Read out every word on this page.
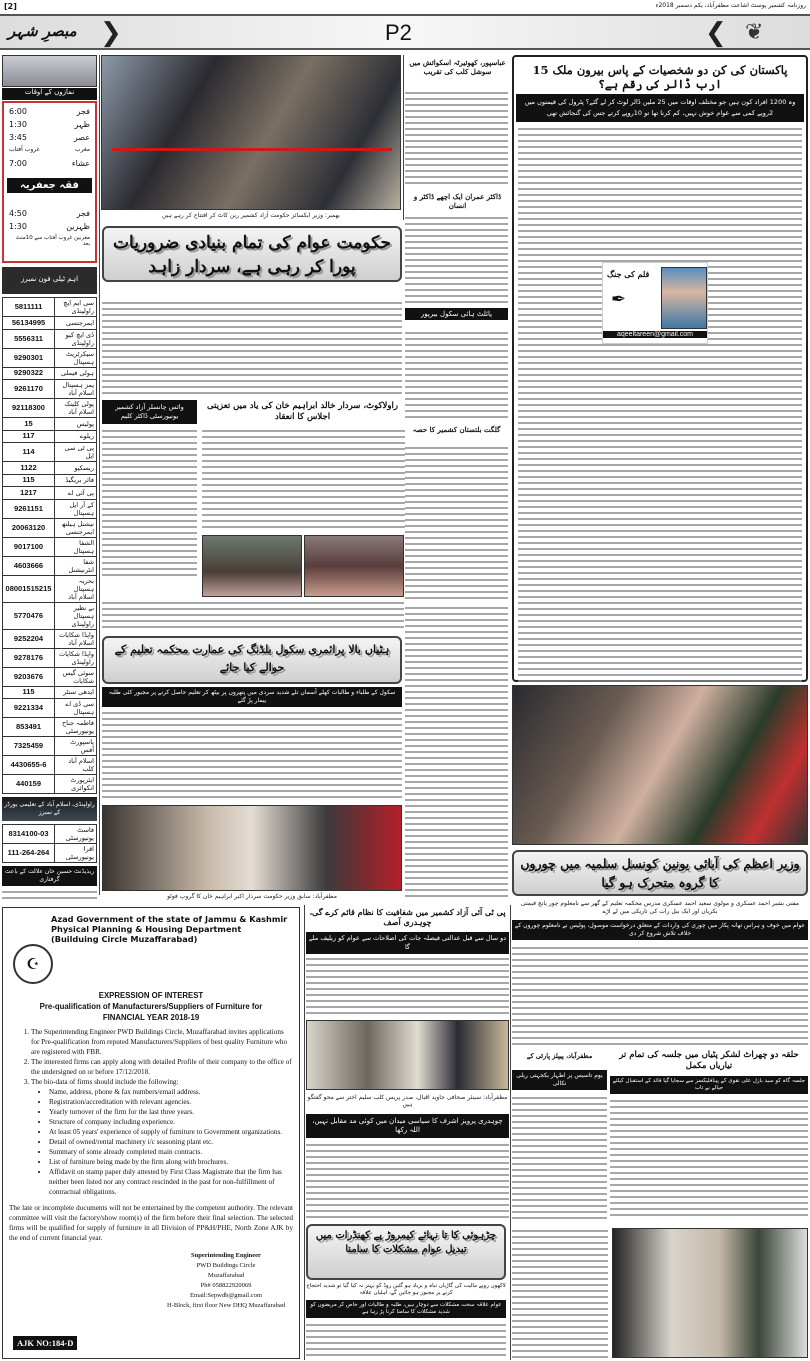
[2]	روزنامہ کشمیر پوسٹ اشاعت مظفرآباد، یکم دسمبر 2018ء
مبصرِ شہر ❯	P2	❮ ❦
نمازوں کے اوقات
6:00	فجر
1:30	ظہر
3:45	عصر
غروب آفتاب	مغرب
7:00	عشاء
فقہ جعفریہ
4:50	فجر
1:30	ظہرین
مغربین غروب آفتاب سے 10منٹ بعد
اہم ٹیلی فون نمبرز
5811111	سی ایم ایچ راولپنڈی
56134995	ایمرجنسی
5556311	ڈی ایچ کیو راولپنڈی
9290301	سیکرٹریٹ ہسپتال
9290322	ہولی فیملی
9261170	پمز ہسپتال اسلام آباد
92118300	پولی کلینک اسلام آباد
15	پولیس
117	ریلوے
114	پی ٹی سی ایل
1122	ریسکیو
115	فائر بریگیڈ
1217	پی آئی اے
9261151	کے آر ایل ہسپتال
20063120	نیشنل ہیلتھ ایمرجنسی
9017100	الشفا ہسپتال
4603666	شفا انٹرنیشنل
08001515215	بحریہ ہسپتال اسلام آباد
5770476	بے نظیر ہسپتال راولپنڈی
9252204	واپڈا شکایات اسلام آباد
9278176	واپڈا شکایات راولپنڈی
9203676	سوئی گیس شکایات
115	ایدھی سنٹر
9221334	سی ڈی اے ہسپتال
853491	فاطمہ جناح یونیورسٹی
7325459	پاسپورٹ آفس
4430655-6	اسلام آباد کلب
440159	ایئرپورٹ انکوائری
راولپنڈی، اسلام آباد کے تعلیمی بورڈز کے نمبرز
8314100-03	فاسٹ یونیورسٹی
111-264-264	اقرا یونیورسٹی
ریذیڈنٹ حسین خان علالت کے باعث گرفتاری
بھمبر: وزیر ایکسائز حکومت آزاد کشمیر ربن کاٹ کر افتتاح کر رہے ہیں
عباسپور، کھوئیرٹہ اسکوائش میں سوشل کلب کی تقریب
ڈاکٹر عمران ایک اچھے ڈاکٹر و انسان
حکومت عوام کی تمام بنیادی ضروریات پورا کر رہی ہے، سردار زاہد
پائلٹ ہائی سکول بیرپور
وائس چانسلر آزاد کشمیر یونیورسٹی ڈاکٹر کلیم
راولاکوٹ، سردار خالد ابراہیم خان کی یاد میں تعزیتی اجلاس کا انعقاد
گلگت بلتستان کشمیر کا حصہ
ہٹیاں بالا پرائمری سکول بلڈنگ کی عمارت محکمہ تعلیم کے حوالے کیا جائے
سکول کے طلباء و طالبات کھلے آسمان تلے شدید سردی میں پتھروں پر بیٹھ کر تعلیم حاصل کرنے پر مجبور کئی طلبہ بیمار پڑ گئے
مظفرآباد: سابق وزیر حکومت سردار اکبر ابراہیم خان کا گروپ فوٹو
پاکستان کی کن دو شخصیات کے پاس بیرون ملک 15 ارب ڈالر کی رقم ہے؟
وہ 1200 افراد کون ہیں جو مختلف اوقات میں 25 ملین ڈالر لوٹ کر لے گئے؟ پٹرول کی قیمتوں میں 2روپے کمی سے عوام خوش نہیں، کم کرنا تھا تو 10روپے کرتے جس کی گنجائش تھی
قلم کی جنگ
✒
aqeeltareen@gmail.com
وزیر اعظم کی آبائی یونین کونسل سلمیہ میں چوروں کا گروہ متحرک ہو گیا
مفتی بشیر احمد عسکری و مولوی سعید احمد عسکری مدرس محکمہ تعلیم کے گھر سے نامعلوم چور پانچ قیمتی بکریاں اور ایک بیل رات کی تاریکی میں لے اڑے
عوام میں خوف و ہراس تھانہ پکار میں چوری کی واردات کے متعلق درخواست موصول، پولیس نے نامعلوم چوروں کے خلاف تلاش شروع کر دی
پی ٹی آئی آزاد کشمیر میں شفافیت کا نظام قائم کرے گی، چوہدری آصف
دو سال سے قبل عدالتی فیصلہ جات کی اصلاحات سے عوام کو ریلیف ملے گا
مظفرآباد: سینئر صحافی جاوید اقبال، صدر پریس کلب سلیم اختر سے محو گفتگو ہیں
چوہدری پرویز اشرف کا سیاسی میدان میں کوئی مد مقابل نہیں، اللہ رکھا
مظفرآباد، پیپلز پارٹی کے
یوم تاسیس پر اظہار یکجہتی ریلی نکالی
حلقہ دو چھراٹ لشکر پٹیاں میں جلسہ کی تمام تر تیاریاں مکمل
جلسہ گاہ کو سید بازل علی نقوی کے پینافلیکسز سے سجایا گیا قائد کے استقبال کیلئے جیالے بے تاب
چڑہوئی کا تا نہائے کیمروڑ پے کھنڈرات میں تبدیل عوام مشکلات کا سامنا
لاکھوں روپے مالیت کی گاڑیاں تباہ و برباد ہو گئیں روڈ کو بہتر نہ کیا گیا تو شدید احتجاج کرنے پر مجبور ہو جائیں گے، اہلیان علاقہ
عوام علاقہ سخت مشکلات سے دوچار ہیں، طلبہ و طالبات اور خاص کر مریضوں کو شدید مشکلات کا سامنا کرنا پڑ رہا ہے
☪
Azad Government of the state of Jammu & Kashmir
Physical Planning & Housing Department
(Builduing Circle Muzaffarabad)
EXPRESSION OF INTEREST
Pre-qualification of Manufacturers/Suppliers of Furniture for
FINANCIAL YEAR 2018-19
1. The Superintending Engineer PWD Buildings Circle, Muzaffarabad invites applications for Pre-qualification from reputed Manufacturers/Suppliers of best quality Furniture who are registered with FBR.
2. The interested firms can apply along with detailed Profile of their company to the office of the undersigned on or before 17/12/2018.
3. The bio-data of firms should include the following:
• Name, address, phone & fax numbers/email address.
• Registration/accreditation with relevant agencies.
• Yearly turnover of the firm for the last three years.
• Structure of company including experience.
• At least 05 years' experience of supply of furniture to Government organizations.
• Detail of owned/rental machinery i/c seasoning plant etc.
• Summary of some already completed main contracts.
• List of furniture being made by the firm along with brochures.
• Affidavit on stamp paper duly attested by First Class Magistrate that the firm has neither been listed nor any contract rescinded in the past for non-fulfillment of contractual obligations.

The late or incomplete documents will not be entertained by the competent authority. The relevant committee will visit the factory/show room(s) of the firm before their final selection. The selected firms will be qualified for supply of furniture in all Division of PP&H/PHE, North Zone AJK by the end of current financial year.

Superintending Engineer
PWD Buildings Circle
Muzaffarabad
Ph# 058822920069
Email:Sepwdb@gmail.com
H-Block, first floor New DHQ Muzaffarabad
AJK NO:184-D
